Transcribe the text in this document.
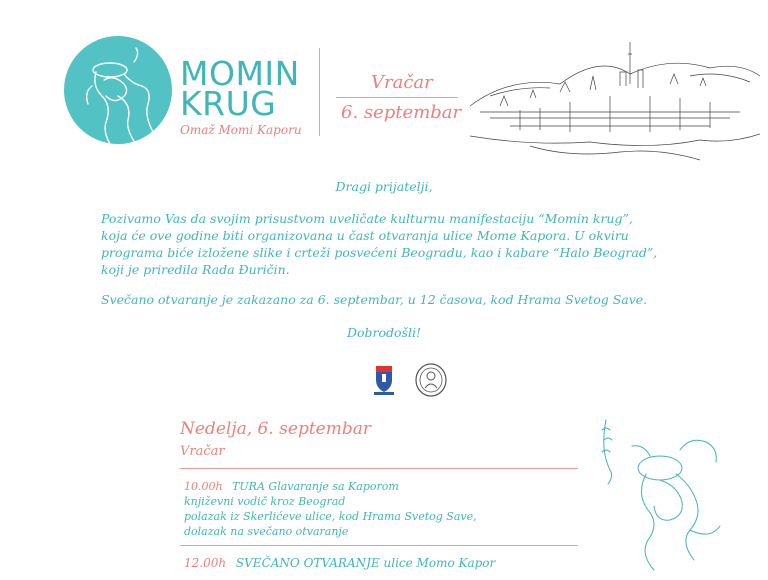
MOMIN
KRUG
Omaž Momi Kaporu
Vračar
6. septembar
Dragi prijatelji,
Pozivamo Vas da svojim prisustvom uveličate kulturnu manifestaciju “Momin krug”,
koja će ove godine biti organizovana u čast otvaranja ulice Mome Kapora. U okviru
programa biće izložene slike i crteži posvećeni Beogradu, kao i kabare “Halo Beograd”,
koji je priredila Rada Đuričin.
Svečano otvaranje je zakazano za 6. septembar, u 12 časova, kod Hrama Svetog Save.
Dobrodošli!
Nedelja, 6. septembar
Vračar
10.00h TURA Glavaranje sa Kaporom
književni vodič kroz Beograd
polazak iz Skerlićeve ulice, kod Hrama Svetog Save,
dolazak na svečano otvaranje
12.00h SVEČANO OTVARANJE ulice Momo Kapor
